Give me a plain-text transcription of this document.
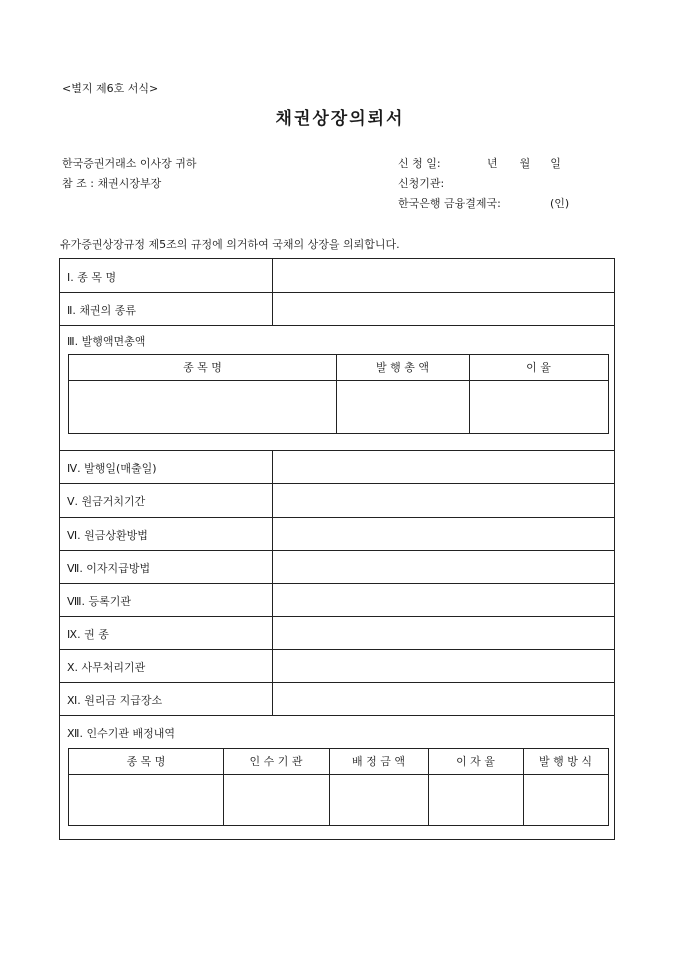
<별지 제6호 서식>
채권상장의뢰서
한국증권거래소 이사장 귀하
참 조 : 채권시장부장
신 청 일:	년 월 일
신청기관:
한국은행 금융결제국:	(인)
유가증권상장규정 제5조의 규정에 의거하여 국채의 상장을 의뢰합니다.
Ⅰ. 종 목 명
Ⅱ. 채권의 종류
Ⅲ. 발행액면총액
Ⅳ. 발행일(매출일)
Ⅴ. 원금거치기간
Ⅵ. 원금상환방법
Ⅶ. 이자지급방법
Ⅷ. 등록기관
Ⅸ. 권 종
Ⅹ. 사무처리기관
Ⅺ. 원리금 지급장소
Ⅻ. 인수기관 배정내역
종 목 명	발 행 총 액	이 율
종 목 명	인 수 기 관	배 정 금 액	이 자 율	발 행 방 식
